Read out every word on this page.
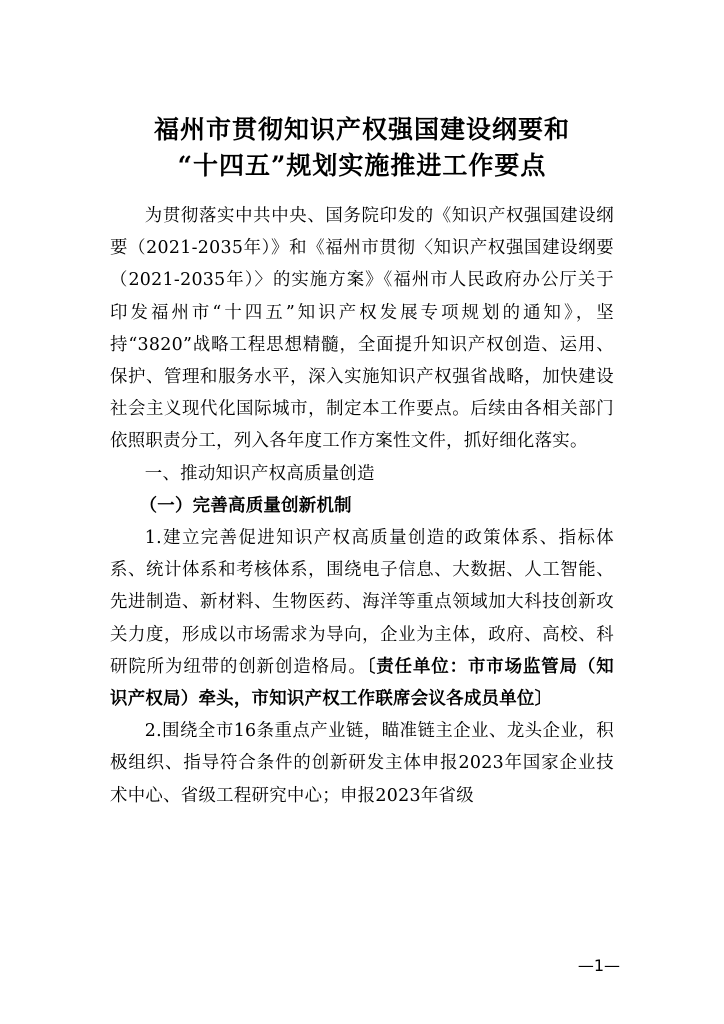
福州市贯彻知识产权强国建设纲要和
“十四五”规划实施推进工作要点

为贯彻落实中共中央、国务院印发的《知识产权强国建设纲要（2021-2035年）》和《福州市贯彻〈知识产权强国建设纲要（2021-2035年）〉的实施方案》《福州市人民政府办公厅关于印发福州市“十四五”知识产权发展专项规划的通知》，坚持“3820”战略工程思想精髓，全面提升知识产权创造、运用、保护、管理和服务水平，深入实施知识产权强省战略，加快建设社会主义现代化国际城市，制定本工作要点。后续由各相关部门依照职责分工，列入各年度工作方案性文件，抓好细化落实。

一、推动知识产权高质量创造

（一）完善高质量创新机制

1.建立完善促进知识产权高质量创造的政策体系、指标体系、统计体系和考核体系，围绕电子信息、大数据、人工智能、先进制造、新材料、生物医药、海洋等重点领域加大科技创新攻关力度，形成以市场需求为导向，企业为主体，政府、高校、科研院所为纽带的创新创造格局。〔责任单位：市市场监管局（知识产权局）牵头，市知识产权工作联席会议各成员单位〕

2.围绕全市16条重点产业链，瞄准链主企业、龙头企业，积极组织、指导符合条件的创新研发主体申报2023年国家企业技术中心、省级工程研究中心；申报2023年省级

—1—
